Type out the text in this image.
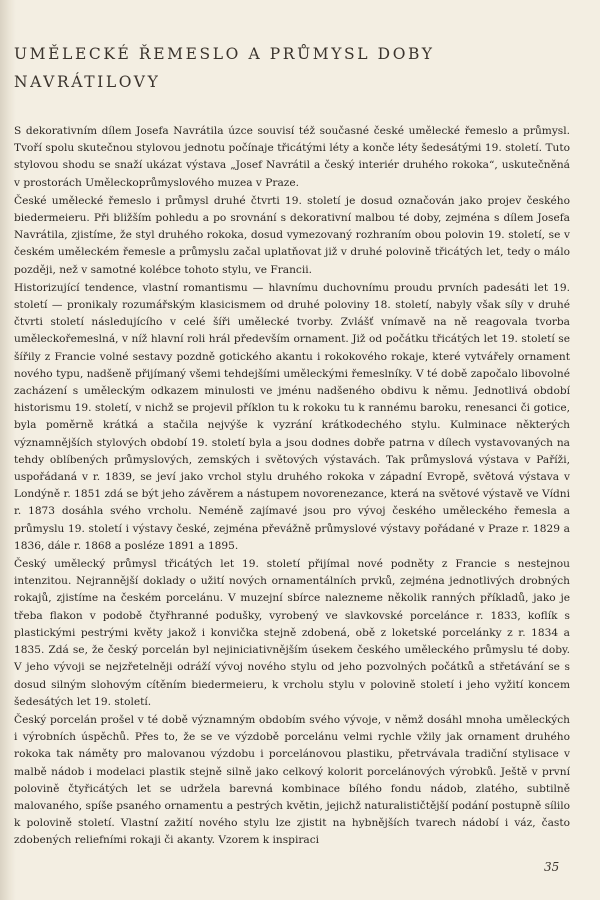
UMĚLECKÉ ŘEMESLO A PRŮMYSL DOBY
NAVRÁTILOVY

S dekorativním dílem Josefa Navrátila úzce souvisí též současné české umělecké řemeslo a průmysl. Tvoří spolu skutečnou stylovou jednotu počínaje třicátými léty a konče léty šedesátými 19. století. Tuto stylovou shodu se snaží ukázat výstava „Josef Navrátil a český interiér druhého rokoka“, uskutečněná v prostorách Uměleckoprůmyslového muzea v Praze.

České umělecké řemeslo i průmysl druhé čtvrti 19. století je dosud označován jako projev českého biedermeieru. Při bližším pohledu a po srovnání s dekorativní malbou té doby, zejména s dílem Josefa Navrátila, zjistíme, že styl druhého rokoka, dosud vymezovaný rozhraním obou polovin 19. století, se v českém uměleckém řemesle a průmyslu začal uplatňovat již v druhé polovině třicátých let, tedy o málo později, než v samotné kolébce tohoto stylu, ve Francii.

Historizující tendence, vlastní romantismu — hlavnímu duchovnímu proudu prvních padesáti let 19. století — pronikaly rozumářským klasicismem od druhé poloviny 18. století, nabyly však síly v druhé čtvrti století následujícího v celé šíři umělecké tvorby. Zvlášť vnímavě na ně reagovala tvorba uměleckořemeslná, v níž hlavní roli hrál především ornament. Již od počátku třicátých let 19. století se šířily z Francie volné sestavy pozdně gotického akantu i rokokového rokaje, které vytvářely ornament nového typu, nadšeně přijímaný všemi tehdejšími uměleckými řemeslníky. V té době započalo libovolné zacházení s uměleckým odkazem minulosti ve jménu nadšeného obdivu k němu. Jednotlivá období historismu 19. století, v nichž se projevil příklon tu k rokoku tu k rannému baroku, renesanci či gotice, byla poměrně krátká a stačila nejvýše k vyzrání krátkodechého stylu. Kulminace některých významnějších stylových období 19. století byla a jsou dodnes dobře patrna v dílech vystavovaných na tehdy oblíbených průmyslových, zemských i světových výstavách. Tak průmyslová výstava v Paříži, uspořádaná v r. 1839, se jeví jako vrchol stylu druhého rokoka v západní Evropě, světová výstava v Londýně r. 1851 zdá se být jeho závěrem a nástupem novorenezance, která na světové výstavě ve Vídni r. 1873 dosáhla svého vrcholu. Neméně zajímavé jsou pro vývoj českého uměleckého řemesla a průmyslu 19. století i výstavy české, zejména převážně průmyslové výstavy pořádané v Praze r. 1829 a 1836, dále r. 1868 a posléze 1891 a 1895.

Český umělecký průmysl třicátých let 19. století přijímal nové podněty z Francie s nestejnou intenzitou. Nejrannější doklady o užití nových ornamentálních prvků, zejména jednotlivých drobných rokajů, zjistíme na českém porcelánu. V muzejní sbírce nalezneme několik ranných příkladů, jako je třeba flakon v podobě čtyřhranné podušky, vyrobený ve slavkovské porcelánce r. 1833, koflík s plastickými pestrými květy jakož i konvička stejně zdobená, obě z loketské porcelánky z r. 1834 a 1835. Zdá se, že český porcelán byl nejiniciativnějším úsekem českého uměleckého průmyslu té doby. V jeho vývoji se nejzřetelněji odráží vývoj nového stylu od jeho pozvolných počátků a střetávání se s dosud silným slohovým cítěním biedermeieru, k vrcholu stylu v polovině století i jeho vyžití koncem šedesátých let 19. století.

Český porcelán prošel v té době významným obdobím svého vývoje, v němž dosáhl mnoha uměleckých i výrobních úspěchů. Přes to, že se ve výzdobě porcelánu velmi rychle vžily jak ornament druhého rokoka tak náměty pro malovanou výzdobu i porcelánovou plastiku, přetrvávala tradiční stylisace v malbě nádob i modelaci plastik stejně silně jako celkový kolorit porcelánových výrobků. Ještě v první polovině čtyřicátých let se udržela barevná kombinace bílého fondu nádob, zlatého, subtilně malovaného, spíše psaného ornamentu a pestrých květin, jejichž naturalističtější podání postupně sílilo k polovině století. Vlastní zažití nového stylu lze zjistit na hybnějších tvarech nádobí i váz, často zdobených reliefními rokaji či akanty. Vzorem k inspiraci

35
